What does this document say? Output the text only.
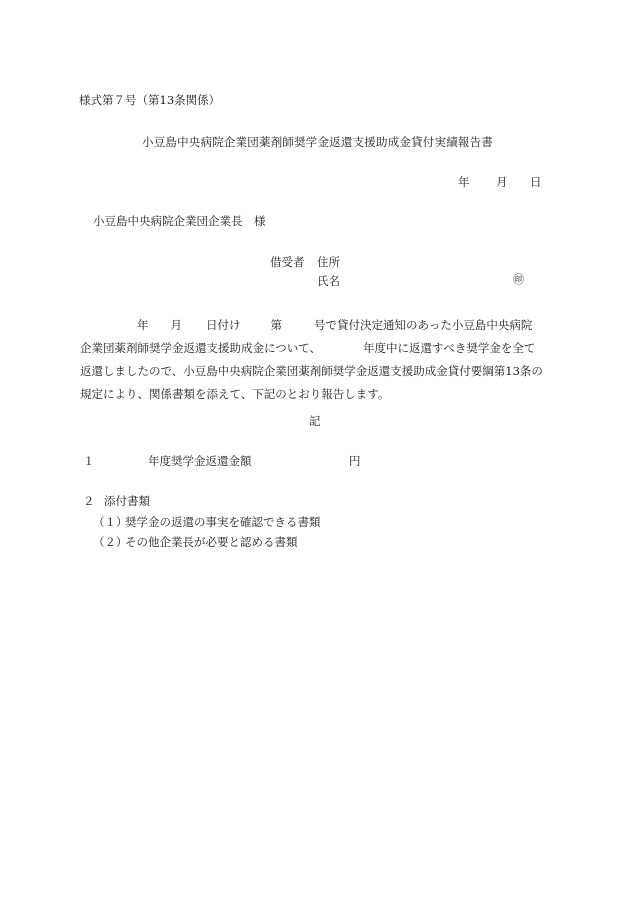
様式第７号（第13条関係）
小豆島中央病院企業団薬剤師奨学金返還支援助成金貸付実績報告書
年 月 日
小豆島中央病院企業団企業長　様
借受者 住所
氏名	㊞
年 月 日付け	第	号で貸付決定通知のあった小豆島中央病院
企業団薬剤師奨学金返還支援助成金について、	年度中に返還すべき奨学金を全て
返還しましたので、小豆島中央病院企業団薬剤師奨学金返還支援助成金貸付要綱第13条の
規定により、関係書類を添えて、下記のとおり報告します。
記
１	年度奨学金返還金額	円
２ 添付書類
（１）奨学金の返還の事実を確認できる書類
（２）その他企業長が必要と認める書類
